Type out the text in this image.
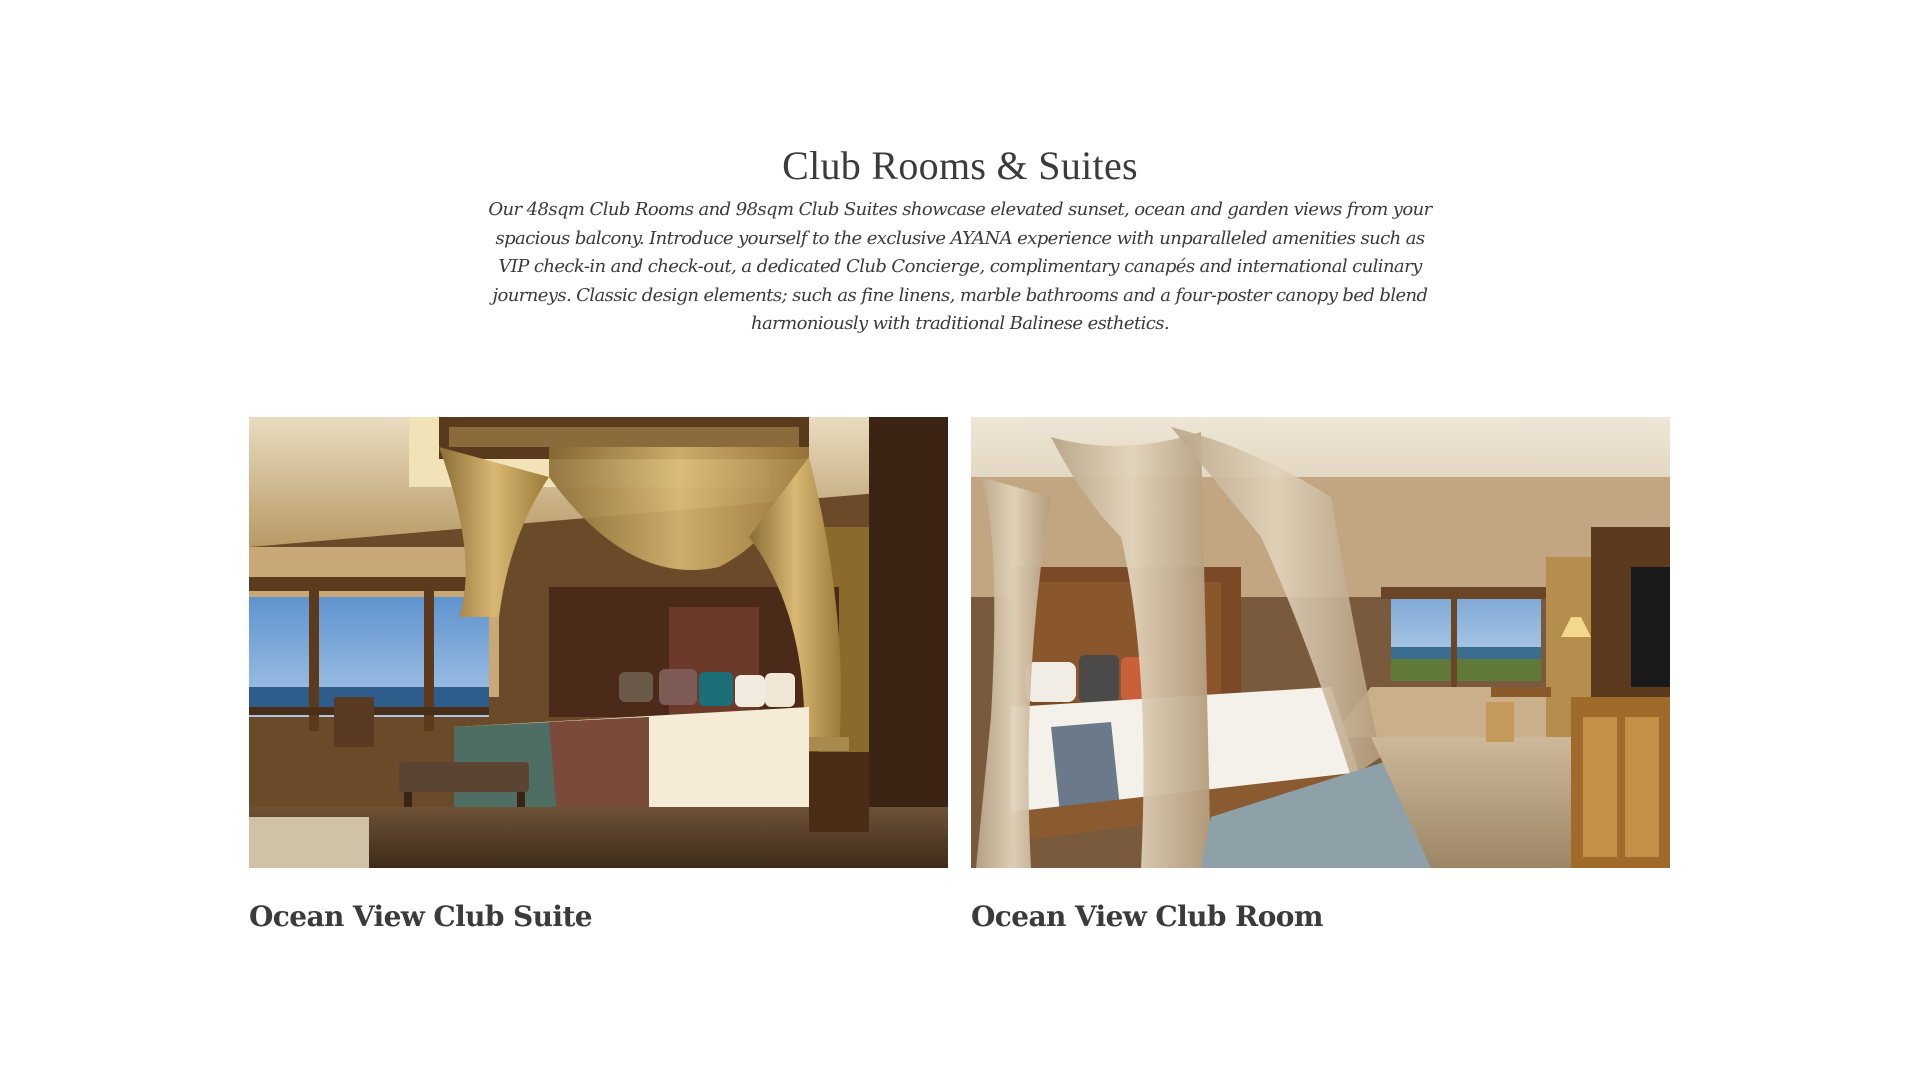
Club Rooms & Suites

Our 48sqm Club Rooms and 98sqm Club Suites showcase elevated sunset, ocean and garden views from your spacious balcony. Introduce yourself to the exclusive AYANA experience with unparalleled amenities such as VIP check-in and check-out, a dedicated Club Concierge, complimentary canapés and international culinary journeys. Classic design elements; such as fine linens, marble bathrooms and a four-poster canopy bed blend harmoniously with traditional Balinese esthetics.

Ocean View Club Suite	Ocean View Club Room
